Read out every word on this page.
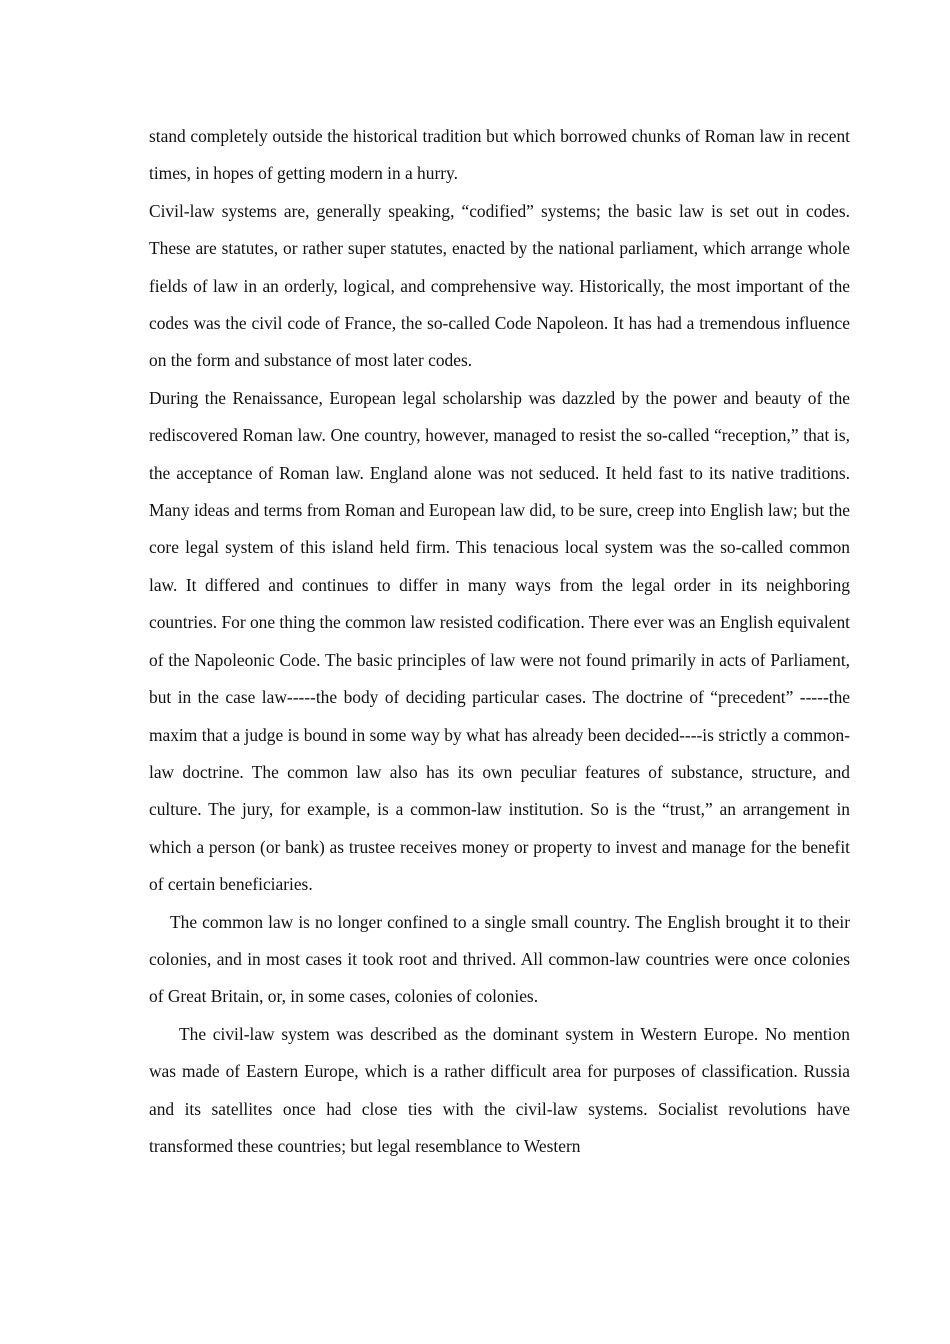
stand completely outside the historical tradition but which borrowed chunks of Roman law in recent times, in hopes of getting modern in a hurry.

Civil-law systems are, generally speaking, “codified” systems; the basic law is set out in codes. These are statutes, or rather super statutes, enacted by the national parliament, which arrange whole fields of law in an orderly, logical, and comprehensive way. Historically, the most important of the codes was the civil code of France, the so-called Code Napoleon. It has had a tremendous influence on the form and substance of most later codes.

During the Renaissance, European legal scholarship was dazzled by the power and beauty of the rediscovered Roman law. One country, however, managed to resist the so-called “reception,” that is, the acceptance of Roman law. England alone was not seduced. It held fast to its native traditions. Many ideas and terms from Roman and European law did, to be sure, creep into English law; but the core legal system of this island held firm. This tenacious local system was the so-called common law. It differed and continues to differ in many ways from the legal order in its neighboring countries. For one thing the common law resisted codification. There ever was an English equivalent of the Napoleonic Code. The basic principles of law were not found primarily in acts of Parliament, but in the case law-----the body of deciding particular cases. The doctrine of “precedent” -----the maxim that a judge is bound in some way by what has already been decided----is strictly a common-law doctrine. The common law also has its own peculiar features of substance, structure, and culture. The jury, for example, is a common-law institution. So is the “trust,” an arrangement in which a person (or bank) as trustee receives money or property to invest and manage for the benefit of certain beneficiaries.

The common law is no longer confined to a single small country. The English brought it to their colonies, and in most cases it took root and thrived. All common-law countries were once colonies of Great Britain, or, in some cases, colonies of colonies.

The civil-law system was described as the dominant system in Western Europe. No mention was made of Eastern Europe, which is a rather difficult area for purposes of classification. Russia and its satellites once had close ties with the civil-law systems. Socialist revolutions have transformed these countries; but legal resemblance to Western
